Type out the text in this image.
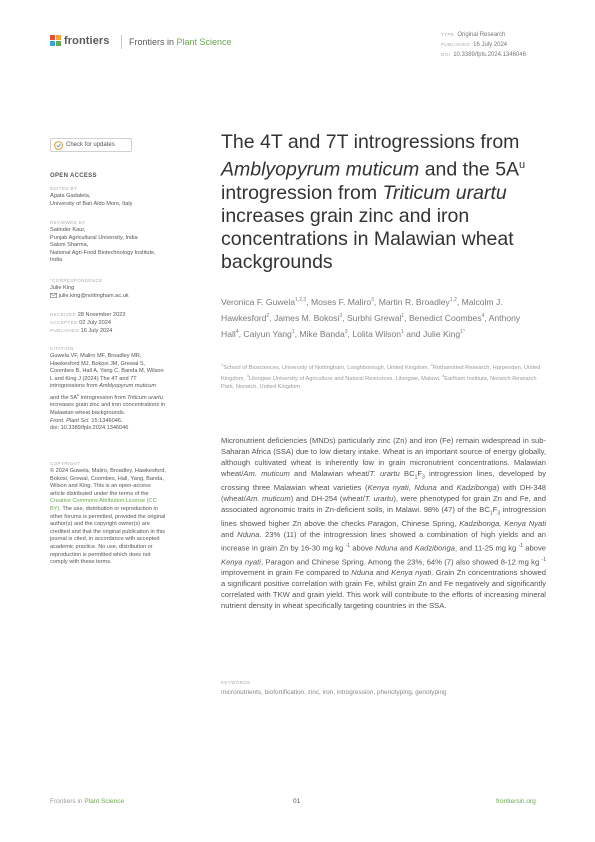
frontiers Frontiers in Plant Science
TYPE Original Research
PUBLISHED 16 July 2024
DOI 10.3389/fpls.2024.1346046
Check for updates
OPEN ACCESS
EDITED BY
Agata Gadaleta,
University of Bari Aldo Moro, Italy
REVIEWED BY
Satinder Kaur,
Punjab Agricultural University, India
Saloni Sharma,
National Agri-Food Biotechnology Institute,
India
*CORRESPONDENCE
Julie King
julie.king@nottingham.ac.uk
RECEIVED 28 November 2023
ACCEPTED 02 July 2024
PUBLISHED 16 July 2024
CITATION
Guwela VF, Maliro MF, Broadley MR, Hawkesford MJ, Bokosi JM, Grewal S, Coombes B, Hall A, Yang C, Banda M, Wilson L and King J (2024) The 4T and 7T introgressions from Amblyopyrum muticum and the $5A^u$ introgression from Triticum urartu increases grain zinc and iron concentrations in Malawian wheat backgrounds.
Front. Plant Sci. 15:1346046.
doi: 10.3389/fpls.2024.1346046
COPYRIGHT
© 2024 Guwela, Maliro, Broadley, Hawkesford, Bokosi, Grewal, Coombes, Hall, Yang, Banda, Wilson and King. This is an open-access article distributed under the terms of the Creative Commons Attribution License (CC BY). The use, distribution or reproduction in other forums is permitted, provided the original author(s) and the copyright owner(s) are credited and that the original publication in this journal is cited, in accordance with accepted academic practice. No use, distribution or reproduction is permitted which does not comply with these terms.
The 4T and 7T introgressions from Amblyopyrum muticum and the $5A^u$ introgression from Triticum urartu increases grain zinc and iron concentrations in Malawian wheat backgrounds
Veronica F. Guwela$^{1,2,3}$, Moses F. Maliro$^3$, Martin R. Broadley$^{1,2}$, Malcolm J. Hawkesford$^2$, James M. Bokosi$^3$, Surbhi Grewal$^1$, Benedict Coombes$^4$, Anthony Hall$^4$, Caiyun Yang$^1$, Mike Banda$^3$, Lolita Wilson$^1$ and Julie King$^{1*}$
$^1$School of Biosciences, University of Nottingham, Loughborough, United Kingdom, $^2$Rothamsted Research, Harpenden, United Kingdom, $^3$Lilongwe University of Agriculture and Natural Resources, Lilongwe, Malawi, $^4$Earlham Institute, Norwich Research Park, Norwich, United Kingdom
Micronutrient deficiencies (MNDs) particularly zinc (Zn) and iron (Fe) remain widespread in sub-Saharan Africa (SSA) due to low dietary intake. Wheat is an important source of energy globally, although cultivated wheat is inherently low in grain micronutrient concentrations. Malawian wheat/Am. muticum and Malawian wheat/T. urartu $BC_1F_3$ introgression lines, developed by crossing three Malawian wheat varieties (Kenya nyati, Nduna and Kadzibonga) with DH-348 (wheat/Am. muticum) and DH-254 (wheat/T. urartu), were phenotyped for grain Zn and Fe, and associated agronomic traits in Zn-deficient soils, in Malawi. 98% (47) of the $BC_1F_3$ introgression lines showed higher Zn above the checks Paragon, Chinese Spring, Kadzibonga, Kenya Nyati and Nduna. 23% (11) of the introgression lines showed a combination of high yields and an increase in grain Zn by 16-30 mg kg $^{-1}$ above Nduna and Kadzibonga, and 11-25 mg kg $^{-1}$ above Kenya nyati, Paragon and Chinese Spring. Among the 23%, 64% (7) also showed 8-12 mg kg $^{-1}$ improvement in grain Fe compared to Nduna and Kenya nyati. Grain Zn concentrations showed a significant positive correlation with grain Fe, whilst grain Zn and Fe negatively and significantly correlated with TKW and grain yield. This work will contribute to the efforts of increasing mineral nutrient density in wheat specifically targeting countries in the SSA.
KEYWORDS
micronutrients, biofortification, zinc, iron, introgression, phenotyping, genotyping
Frontiers in Plant Science	01	frontiersin.org
